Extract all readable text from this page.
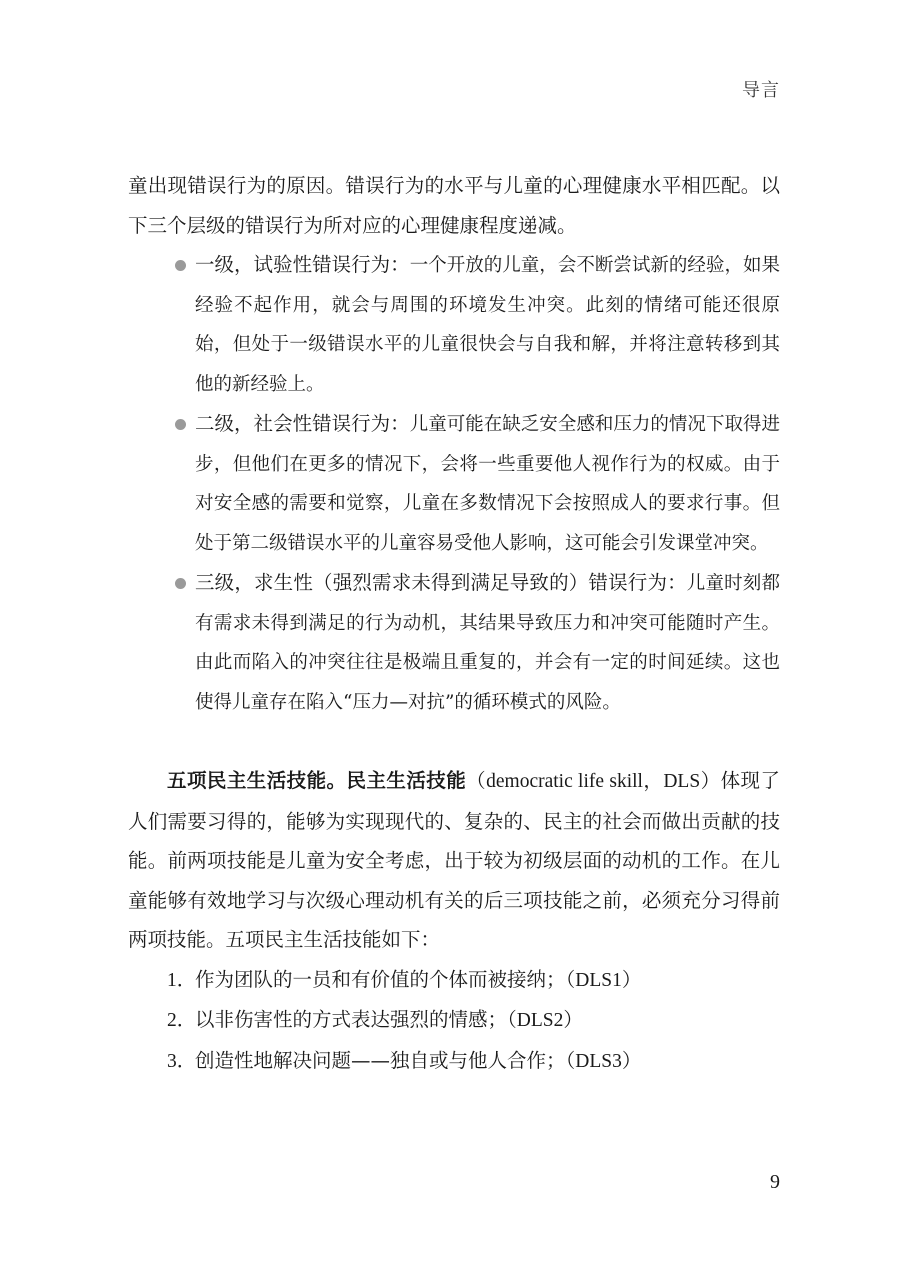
导言

童出现错误行为的原因。错误行为的水平与儿童的心理健康水平相匹配。以下三个层级的错误行为所对应的心理健康程度递减。

一级，试验性错误行为：一个开放的儿童，会不断尝试新的经验，如果经验不起作用，就会与周围的环境发生冲突。此刻的情绪可能还很原始，但处于一级错误水平的儿童很快会与自我和解，并将注意转移到其他的新经验上。
二级，社会性错误行为：儿童可能在缺乏安全感和压力的情况下取得进步，但他们在更多的情况下，会将一些重要他人视作行为的权威。由于对安全感的需要和觉察，儿童在多数情况下会按照成人的要求行事。但处于第二级错误水平的儿童容易受他人影响，这可能会引发课堂冲突。
三级，求生性（强烈需求未得到满足导致的）错误行为：儿童时刻都有需求未得到满足的行为动机，其结果导致压力和冲突可能随时产生。由此而陷入的冲突往往是极端且重复的，并会有一定的时间延续。这也使得儿童存在陷入“压力—对抗”的循环模式的风险。

五项民主生活技能。民主生活技能（democratic life skill，DLS）体现了人们需要习得的，能够为实现现代的、复杂的、民主的社会而做出贡献的技能。前两项技能是儿童为安全考虑，出于较为初级层面的动机的工作。在儿童能够有效地学习与次级心理动机有关的后三项技能之前，必须充分习得前两项技能。五项民主生活技能如下：

1．作为团队的一员和有价值的个体而被接纳；（DLS1）
2．以非伤害性的方式表达强烈的情感；（DLS2）
3．创造性地解决问题——独自或与他人合作；（DLS3）
9
